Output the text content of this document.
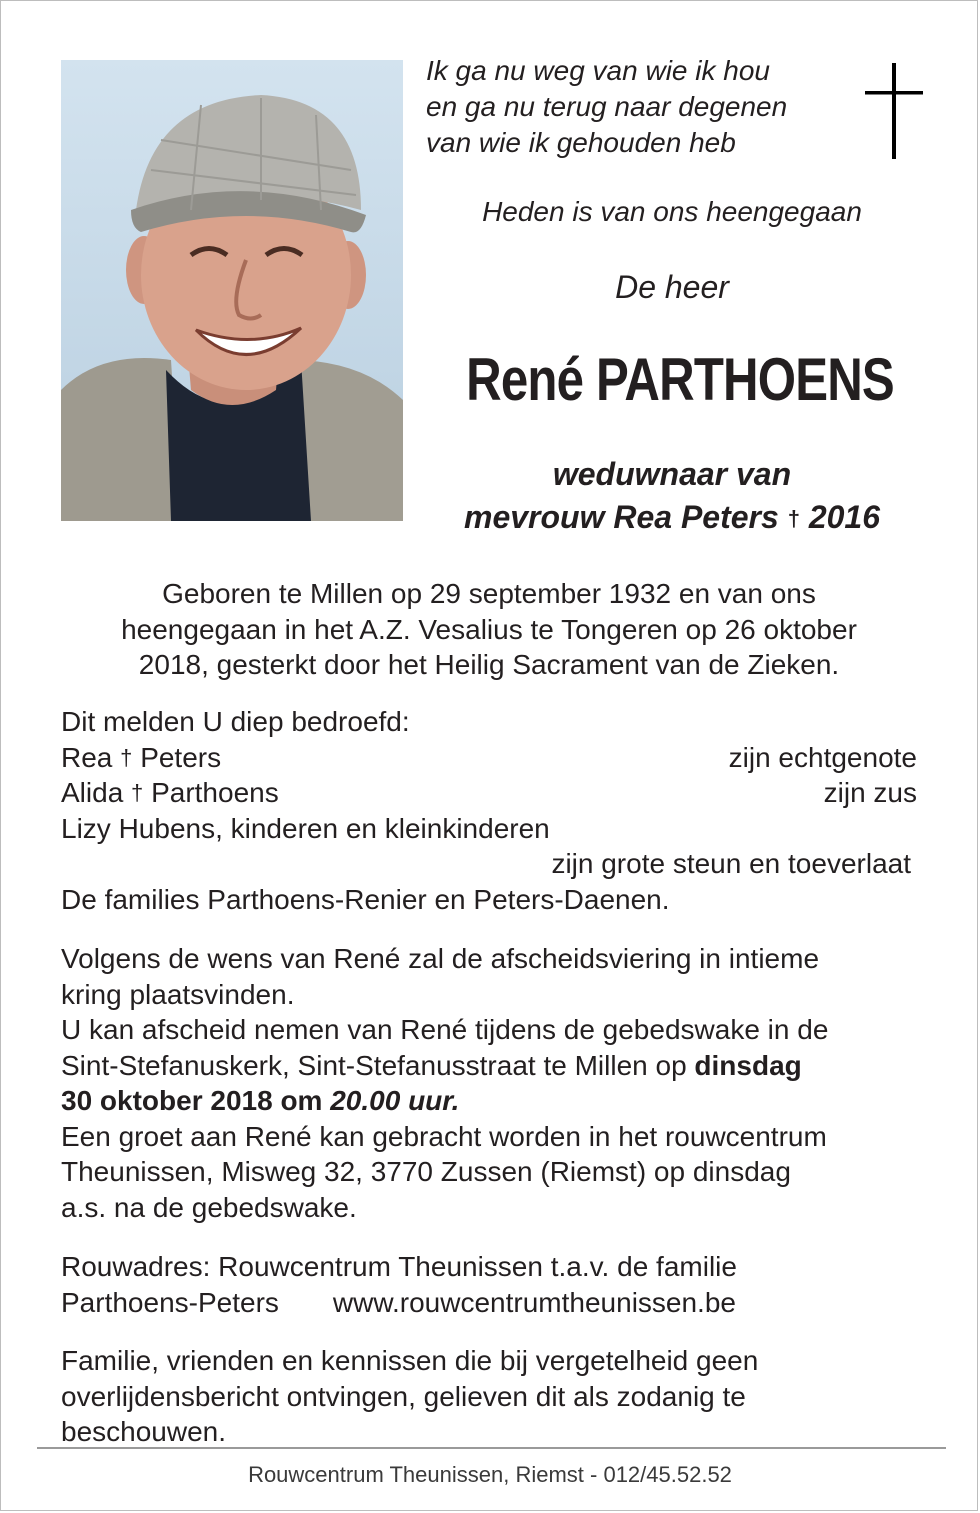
Ik ga nu weg van wie ik hou
en ga nu terug naar degenen
van wie ik gehouden heb
Heden is van ons heengegaan
De heer
René PARTHOENS
weduwnaar van
mevrouw Rea Peters † 2016
Geboren te Millen op 29 september 1932 en van ons
heengegaan in het A.Z. Vesalius te Tongeren op 26 oktober
2018, gesterkt door het Heilig Sacrament van de Zieken.
Dit melden U diep bedroefd:
Rea † Peters	zijn echtgenote
Alida † Parthoens	zijn zus
Lizy Hubens, kinderen en kleinkinderen
zijn grote steun en toeverlaat
De families Parthoens-Renier en Peters-Daenen.
Volgens de wens van René zal de afscheidsviering in intieme
kring plaatsvinden.
U kan afscheid nemen van René tijdens de gebedswake in de
Sint-Stefanuskerk, Sint-Stefanusstraat te Millen op dinsdag
30 oktober 2018 om 20.00 uur.
Een groet aan René kan gebracht worden in het rouwcentrum
Theunissen, Misweg 32, 3770 Zussen (Riemst) op dinsdag
a.s. na de gebedswake.
Rouwadres: Rouwcentrum Theunissen t.a.v. de familie
Parthoens-Peters www.rouwcentrumtheunissen.be
Familie, vrienden en kennissen die bij vergetelheid geen
overlijdensbericht ontvingen, gelieven dit als zodanig te
beschouwen.
Rouwcentrum Theunissen, Riemst - 012/45.52.52
